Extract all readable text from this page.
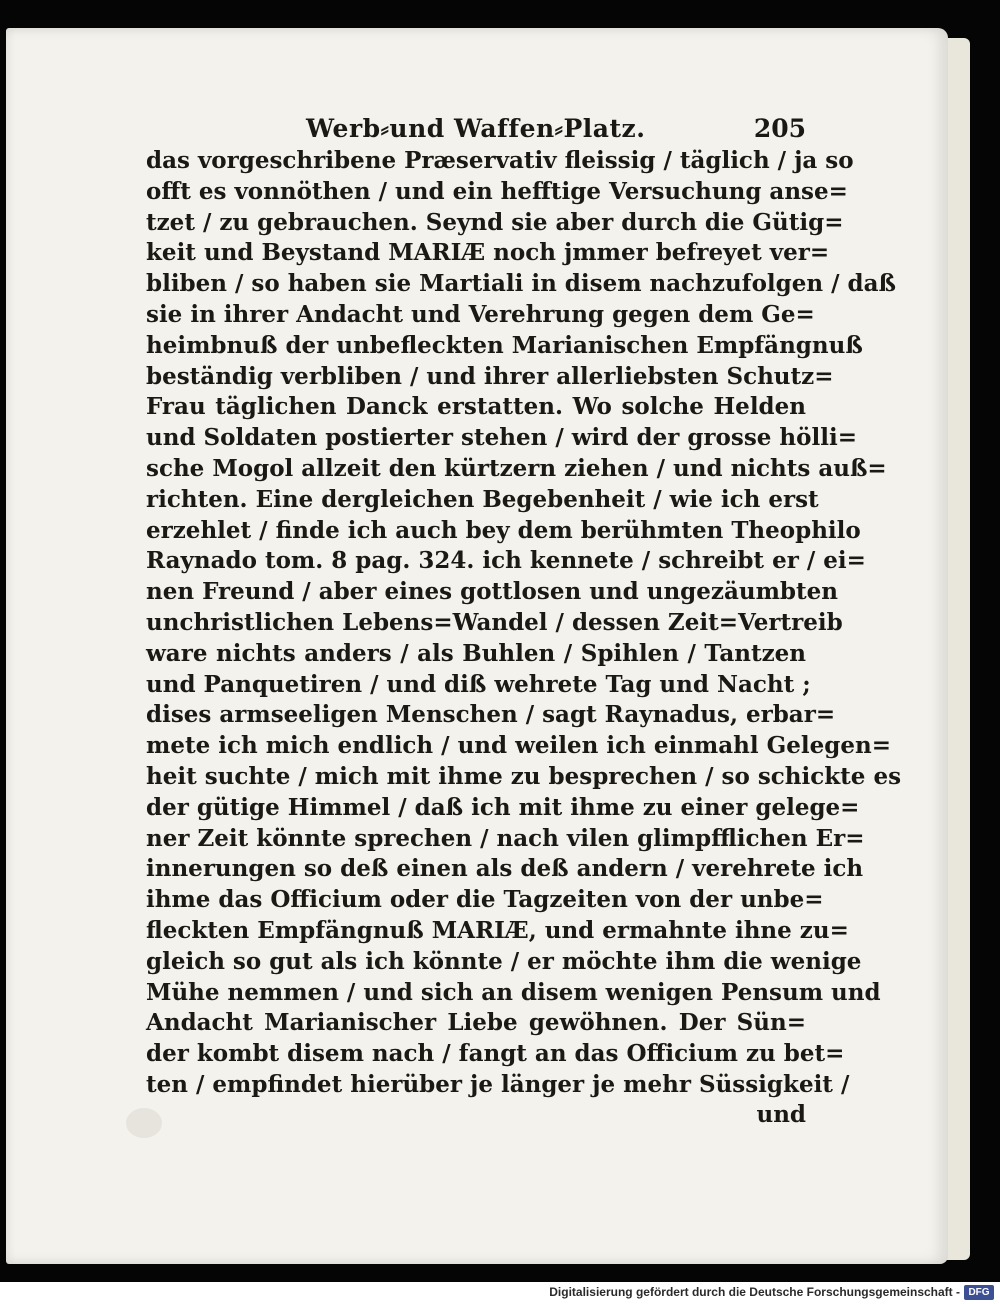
Werb⸗und Waffen⸗Platz.	205
das vorgeschribene Præservativ fleissig / täglich / ja so
offt es vonnöthen / und ein hefftige Versuchung anse=
tzet / zu gebrauchen. Seynd sie aber durch die Gütig=
keit und Beystand MARIÆ noch jmmer befreyet ver=
bliben / so haben sie Martiali in disem nachzufolgen / daß
sie in ihrer Andacht und Verehrung gegen dem Ge=
heimbnuß der unbefleckten Marianischen Empfängnuß
beständig verbliben / und ihrer allerliebsten Schutz=
Frau täglichen Danck erstatten. Wo solche Helden
und Soldaten postierter stehen / wird der grosse hölli=
sche Mogol allzeit den kürtzern ziehen / und nichts auß=
richten. Eine dergleichen Begebenheit / wie ich erst
erzehlet / finde ich auch bey dem berühmten Theophilo
Raynado tom. 8 pag. 324. ich kennete / schreibt er / ei=
nen Freund / aber eines gottlosen und ungezäumbten
unchristlichen Lebens=Wandel / dessen Zeit=Vertreib
ware nichts anders / als Buhlen / Spihlen / Tantzen
und Panquetiren / und diß wehrete Tag und Nacht ;
dises armseeligen Menschen / sagt Raynadus, erbar=
mete ich mich endlich / und weilen ich einmahl Gelegen=
heit suchte / mich mit ihme zu besprechen / so schickte es
der gütige Himmel / daß ich mit ihme zu einer gelege=
ner Zeit könnte sprechen / nach vilen glimpfflichen Er=
innerungen so deß einen als deß andern / verehrete ich
ihme das Officium oder die Tagzeiten von der unbe=
fleckten Empfängnuß MARIÆ, und ermahnte ihne zu=
gleich so gut als ich könnte / er möchte ihm die wenige
Mühe nemmen / und sich an disem wenigen Pensum und
Andacht Marianischer Liebe gewöhnen. Der Sün=
der kombt disem nach / fangt an das Officium zu bet=
ten / empfindet hierüber je länger je mehr Süssigkeit /
und
Digitalisierung gefördert durch die Deutsche Forschungsgemeinschaft - DFG
